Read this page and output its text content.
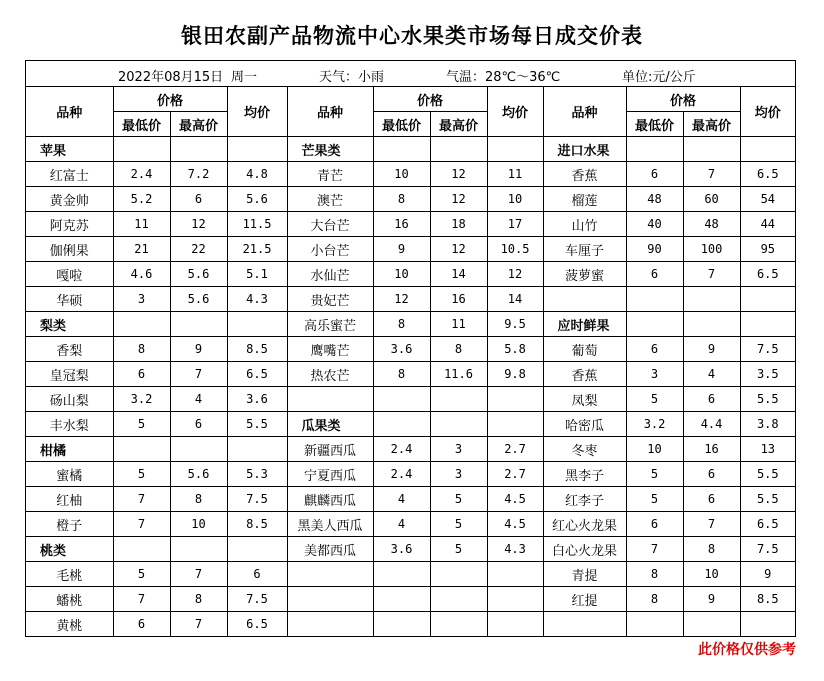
银田农副产品物流中心水果类市场每日成交价表
2022年08月15日 周一	天气：小雨	气温：28℃～36℃	单位:元/公斤
品种	价格		均价	品种	价格		均价	品种	价格		均价
	最低价	最高价			最低价	最高价			最低价	最高价	
苹果				芒果类				进口水果			
红富士	2.4	7.2	4.8	青芒	10	12	11	香蕉	6	7	6.5
黄金帅	5.2	6	5.6	澳芒	8	12	10	榴莲	48	60	54
阿克苏	11	12	11.5	大台芒	16	18	17	山竹	40	48	44
伽俐果	21	22	21.5	小台芒	9	12	10.5	车厘子	90	100	95
嘎啦	4.6	5.6	5.1	水仙芒	10	14	12	菠萝蜜	6	7	6.5
华硕	3	5.6	4.3	贵妃芒	12	16	14				
梨类				高乐蜜芒	8	11	9.5	应时鲜果			
香梨	8	9	8.5	鹰嘴芒	3.6	8	5.8	葡萄	6	9	7.5
皇冠梨	6	7	6.5	热农芒	8	11.6	9.8	香蕉	3	4	3.5
砀山梨	3.2	4	3.6					凤梨	5	6	5.5
丰水梨	5	6	5.5	瓜果类				哈密瓜	3.2	4.4	3.8
柑橘				新疆西瓜	2.4	3	2.7	冬枣	10	16	13
蜜橘	5	5.6	5.3	宁夏西瓜	2.4	3	2.7	黑李子	5	6	5.5
红柚	7	8	7.5	麒麟西瓜	4	5	4.5	红李子	5	6	5.5
橙子	7	10	8.5	黑美人西瓜	4	5	4.5	红心火龙果	6	7	6.5
桃类				美都西瓜	3.6	5	4.3	白心火龙果	7	8	7.5
毛桃	5	7	6					青提	8	10	9
蟠桃	7	8	7.5					红提	8	9	8.5
黄桃	6	7	6.5								
此价格仅供参考
